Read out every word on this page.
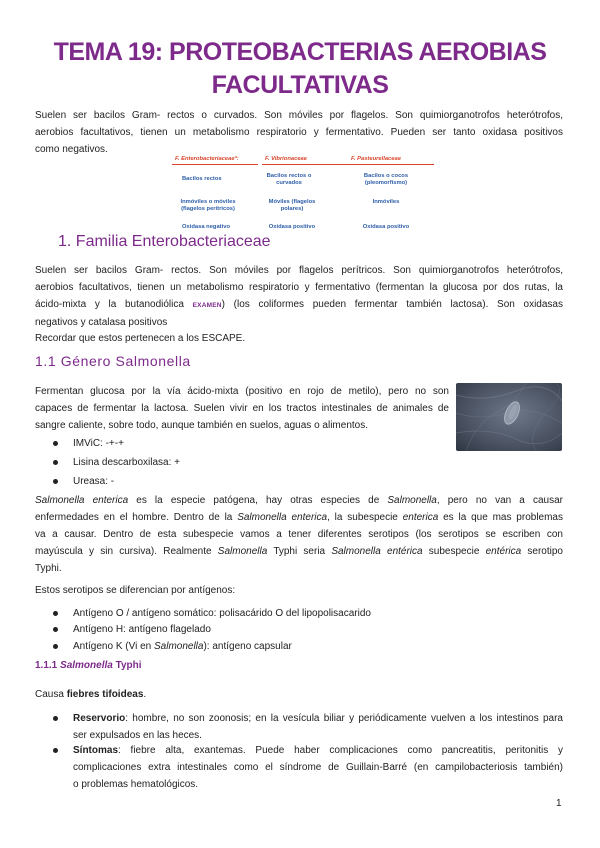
TEMA 19: PROTEOBACTERIAS AEROBIAS
FACULTATIVAS

Suelen ser bacilos Gram- rectos o curvados. Son móviles por flagelos. Son quimiorganotrofos heterótrofos,
aerobios facultativos, tienen un metabolismo respiratorio y fermentativo. Pueden ser tanto oxidasa positivos
como negativos.

F. Enterobacteriaceaeª:
Bacilos rectos
Inmóviles o móviles (flagelos perítricos)
Oxidasa negativo
F. Vibrionaceae
Bacilos rectos o curvados
Móviles (flagelos polares)
Oxidasa positivo
F. Pasteurellaceae
Bacilos o cocos (pleomorfismo)
Inmóviles
Oxidasa positivo
1. Familia Enterobacteriaceae

Suelen ser bacilos Gram- rectos. Son móviles por flagelos perítricos. Son quimiorganotrofos heterótrofos,
aerobios facultativos, tienen un metabolismo respiratorio y fermentativo (fermentan la glucosa por dos rutas, la
ácido-mixta y la butanodiólica EXAMEN) (los coliformes pueden fermentar también lactosa). Son oxidasas
negativos y catalasa positivos

Recordar que estos pertenecen a los ESCAPE.

1.1 Género Salmonella

Fermentan glucosa por la vía ácido-mixta (positivo en rojo de metilo), pero no son
capaces de fermentar la lactosa. Suelen vivir en los tractos intestinales de animales de
sangre caliente, sobre todo, aunque también en suelos, aguas o alimentos.

IMViC: -+-+
Lisina descarboxilasa: +
Ureasa: -

Salmonella enterica es la especie patógena, hay otras especies de Salmonella, pero no van a causar
enfermedades en el hombre. Dentro de la Salmonella enterica, la subespecie enterica es la que mas problemas
va a causar. Dentro de esta subespecie vamos a tener diferentes serotipos (los serotipos se escriben con
mayúscula y sin cursiva). Realmente Salmonella Typhi seria Salmonella entérica subespecie entérica serotipo
Typhi.

Estos serotipos se diferencian por antígenos:

Antígeno O / antígeno somático: polisacárido O del lipopolisacarido
Antígeno H: antígeno flagelado
Antígeno K (Vi en Salmonella): antígeno capsular
1.1.1 Salmonella Typhi

Causa fiebres tifoideas.

Reservorio: hombre, no son zoonosis; en la vesícula biliar y periódicamente vuelven a los intestinos para
ser expulsados en las heces.
Síntomas: fiebre alta, exantemas. Puede haber complicaciones como pancreatitis, peritonitis y
complicaciones extra intestinales como el síndrome de Guillain-Barré (en campilobacteriosis también)
o problemas hematológicos.
1
